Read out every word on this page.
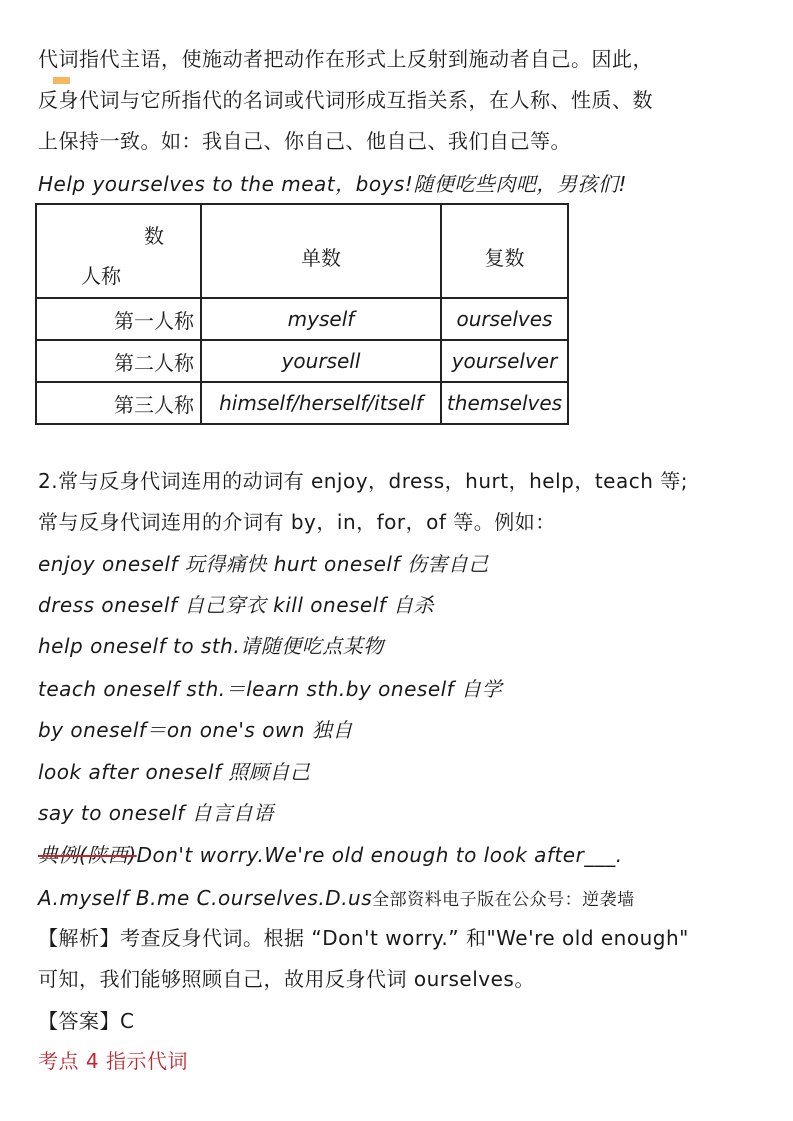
代词指代主语，使施动者把动作在形式上反射到施动者自己。因此，
反身代词与它所指代的名词或代词形成互指关系，在人称、性质、数
上保持一致。如：我自己、你自己、他自己、我们自己等。
Help yourselves to the meat，boys!随便吃些肉吧，男孩们!
数
人称	单数	复数
第一人称	myself	ourselves
第二人称	yoursell	yourselver
第三人称	himself/herself/itself	themselves
2.常与反身代词连用的动词有 enjoy，dress，hurt，help，teach 等;
常与反身代词连用的介词有 by，in，for，of 等。例如：
enjoy oneself 玩得痛快 hurt oneself 伤害自己
dress oneself 自己穿衣 kill oneself 自杀
help oneself to sth.请随便吃点某物
teach oneself sth.＝learn sth.by oneself 自学
by oneself＝on one's own 独自
look after oneself 照顾自己
say to oneself 自言自语
典例(陕西)Don't worry.We're old enough to look after___.
A.myself B.me C.ourselves.D.us全部资料电子版在公众号：逆袭墙
【解析】考查反身代词。根据 “Don't worry.” 和"We're old enough"
可知，我们能够照顾自己，故用反身代词 ourselves。
【答案】C
考点 4 指示代词
